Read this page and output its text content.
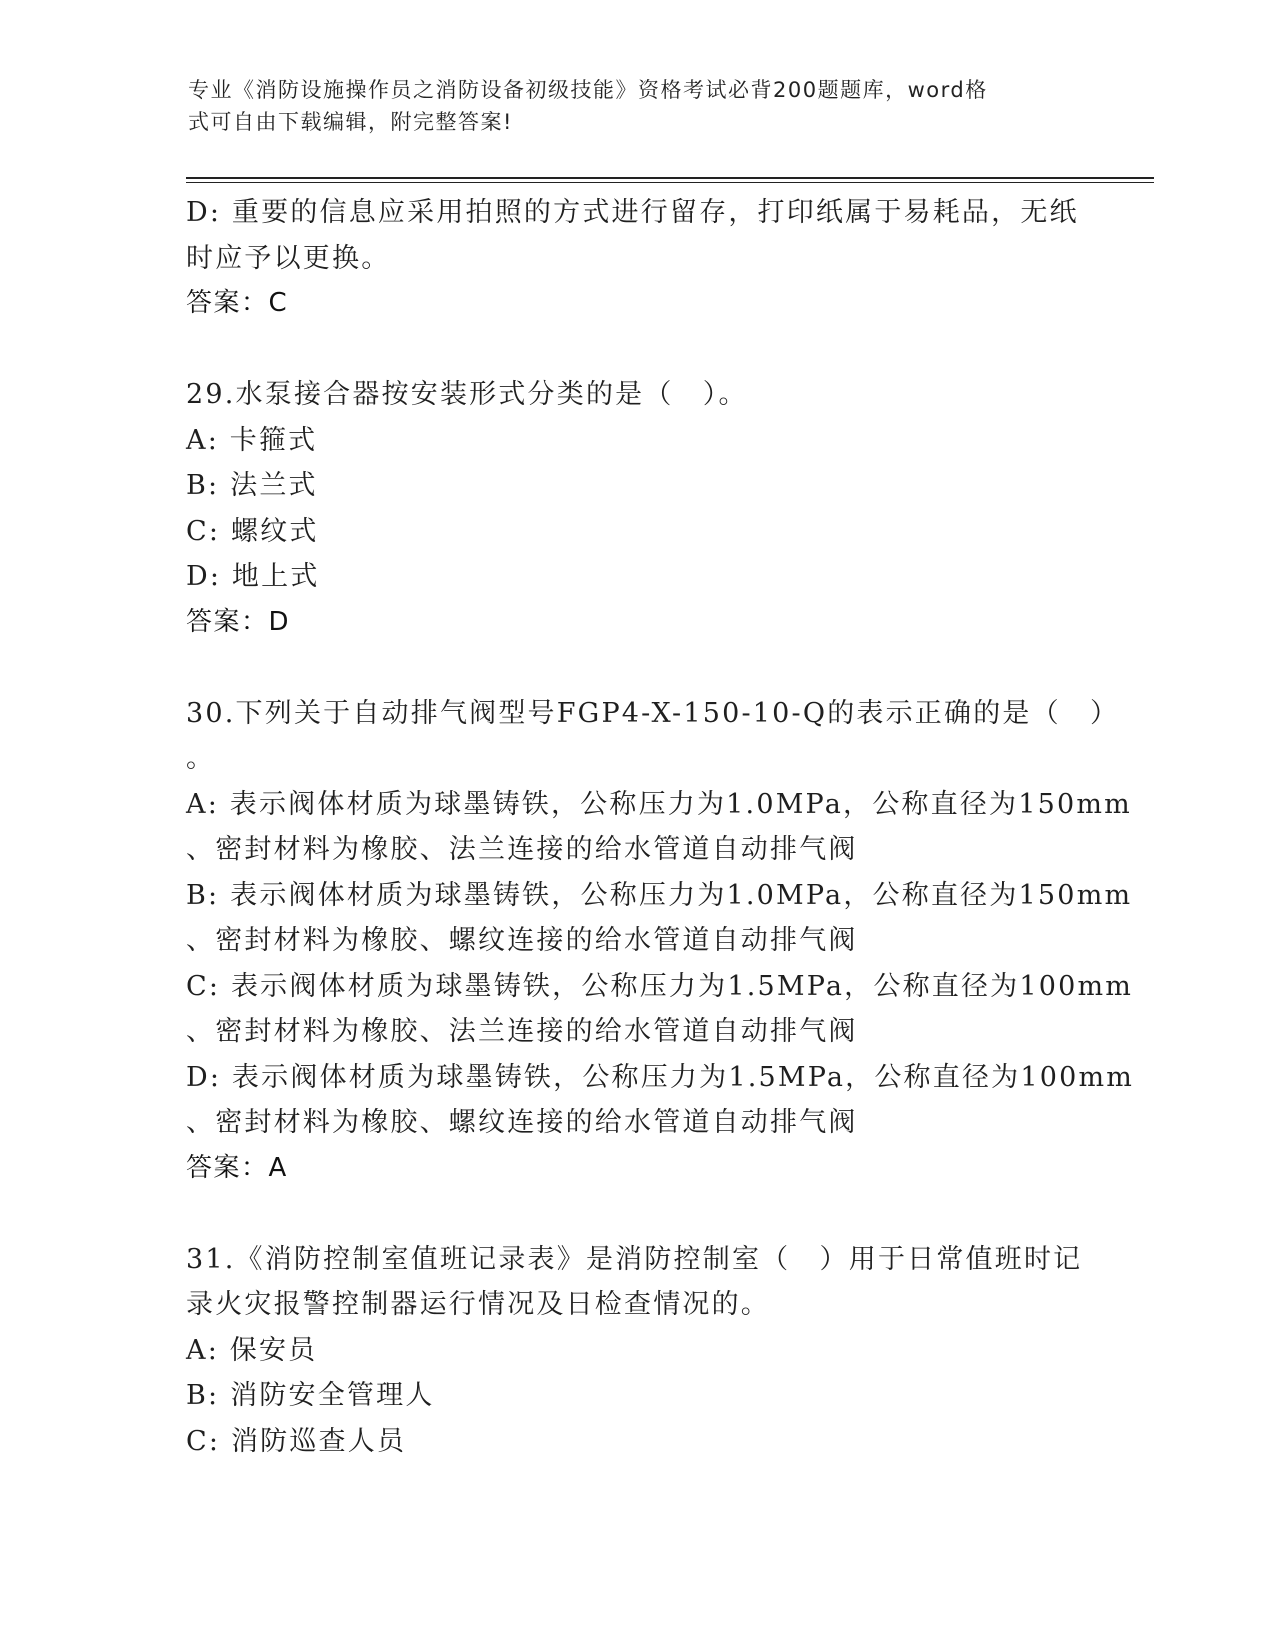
专业《消防设施操作员之消防设备初级技能》资格考试必背200题题库，word格
式可自由下载编辑，附完整答案!
D: 重要的信息应采用拍照的方式进行留存，打印纸属于易耗品，无纸
时应予以更换。
答案：C
29.水泵接合器按安装形式分类的是（　）。
A: 卡箍式
B: 法兰式
C: 螺纹式
D: 地上式
答案：D
30.下列关于自动排气阀型号FGP4-X-150-10-Q的表示正确的是（　）
。
A: 表示阀体材质为球墨铸铁，公称压力为1.0MPa，公称直径为150mm
、密封材料为橡胶、法兰连接的给水管道自动排气阀
B: 表示阀体材质为球墨铸铁，公称压力为1.0MPa，公称直径为150mm
、密封材料为橡胶、螺纹连接的给水管道自动排气阀
C: 表示阀体材质为球墨铸铁，公称压力为1.5MPa，公称直径为100mm
、密封材料为橡胶、法兰连接的给水管道自动排气阀
D: 表示阀体材质为球墨铸铁，公称压力为1.5MPa，公称直径为100mm
、密封材料为橡胶、螺纹连接的给水管道自动排气阀
答案：A
31.《消防控制室值班记录表》是消防控制室（　）用于日常值班时记
录火灾报警控制器运行情况及日检查情况的。
A: 保安员
B: 消防安全管理人
C: 消防巡查人员
